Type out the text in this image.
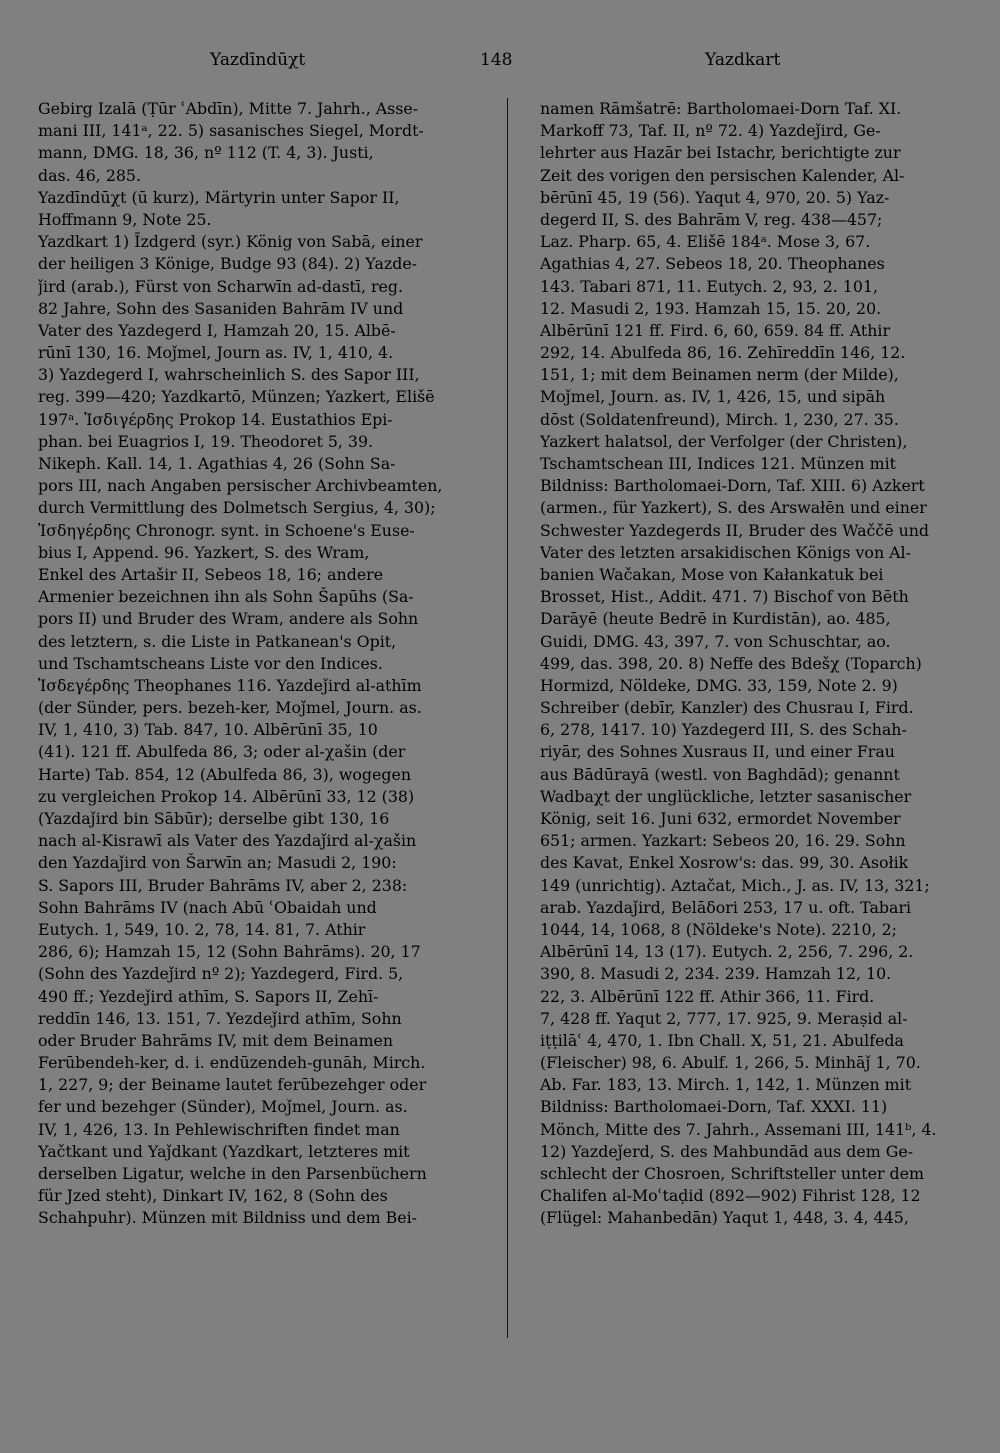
Yazdīndūχt	148	Yazdkart
Gebirg Izalā (Ṭūr ʿAbdīn), Mitte 7. Jahrh., Asse-
mani III, 141ᵃ, 22. 5) sasanisches Siegel, Mordt-
mann, DMG. 18, 36, nº 112 (T. 4, 3). Justi,
das. 46, 285.
Yazdīndūχt (ū kurz), Märtyrin unter Sapor II,
Hoffmann 9, Note 25.
Yazdkart 1) Īzdgerd (syr.) König von Sabā, einer
der heiligen 3 Könige, Budge 93 (84). 2) Yazde-
ǰird (arab.), Fürst von Scharwīn ad-dastī, reg.
82 Jahre, Sohn des Sasaniden Bahrām IV und
Vater des Yazdegerd I, Hamzah 20, 15. Albē-
rūnī 130, 16. Moǰmel, Journ as. IV, 1, 410, 4.
3) Yazdegerd I, wahrscheinlich S. des Sapor III,
reg. 399—420; Yazdkartō, Münzen; Yazkert, Elišē
197ᵃ. Ἰσδιγέρδης Prokop 14. Eustathios Epi-
phan. bei Euagrios I, 19. Theodoret 5, 39.
Nikeph. Kall. 14, 1. Agathias 4, 26 (Sohn Sa-
pors III, nach Angaben persischer Archivbeamten,
durch Vermittlung des Dolmetsch Sergius, 4, 30);
Ἰσδηγέρδης Chronogr. synt. in Schoene's Euse-
bius I, Append. 96. Yazkert, S. des Wram,
Enkel des Artašir II, Sebeos 18, 16; andere
Armenier bezeichnen ihn als Sohn Šapūhs (Sa-
pors II) und Bruder des Wram, andere als Sohn
des letztern, s. die Liste in Patkanean's Opit,
und Tschamtscheans Liste vor den Indices.
Ἰσδεγέρδης Theophanes 116. Yazdeǰird al-athīm
(der Sünder, pers. bezeh-ker, Moǰmel, Journ. as.
IV, 1, 410, 3) Tab. 847, 10. Albērūnī 35, 10
(41). 121 ff. Abulfeda 86, 3; oder al-χašin (der
Harte) Tab. 854, 12 (Abulfeda 86, 3), wogegen
zu vergleichen Prokop 14. Albērūnī 33, 12 (38)
(Yazdaǰird bin Sābūr); derselbe gibt 130, 16
nach al-Kisrawī als Vater des Yazdaǰird al-χašin
den Yazdaǰird von Šarwīn an; Masudi 2, 190:
S. Sapors III, Bruder Bahrāms IV, aber 2, 238:
Sohn Bahrāms IV (nach Abū ʿObaidah und
Eutych. 1, 549, 10. 2, 78, 14. 81, 7. Athir
286, 6); Hamzah 15, 12 (Sohn Bahrāms). 20, 17
(Sohn des Yazdeǰird nº 2); Yazdegerd, Fird. 5,
490 ff.; Yezdeǰird athīm, S. Sapors II, Zehī-
reddīn 146, 13. 151, 7. Yezdeǰird athīm, Sohn
oder Bruder Bahrāms IV, mit dem Beinamen
Ferūbendeh-ker, d. i. endūzendeh-gunāh, Mirch.
1, 227, 9; der Beiname lautet ferūbezehger oder
fer und bezehger (Sünder), Moǰmel, Journ. as.
IV, 1, 426, 13. In Pehlewischriften findet man
Yačtkant und Yaǰdkant (Yazdkart, letzteres mit
derselben Ligatur, welche in den Parsenbüchern
für Jzed steht), Dinkart IV, 162, 8 (Sohn des
Schahpuhr). Münzen mit Bildniss und dem Bei-
namen Rāmšatrē: Bartholomaei-Dorn Taf. XI.
Markoff 73, Taf. II, nº 72. 4) Yazdeǰird, Ge-
lehrter aus Hazār bei Istachr, berichtigte zur
Zeit des vorigen den persischen Kalender, Al-
bērūnī 45, 19 (56). Yaqut 4, 970, 20. 5) Yaz-
degerd II, S. des Bahrām V, reg. 438—457;
Laz. Pharp. 65, 4. Elišē 184ᵃ. Mose 3, 67.
Agathias 4, 27. Sebeos 18, 20. Theophanes
143. Tabari 871, 11. Eutych. 2, 93, 2. 101,
12. Masudi 2, 193. Hamzah 15, 15. 20, 20.
Albērūnī 121 ff. Fird. 6, 60, 659. 84 ff. Athir
292, 14. Abulfeda 86, 16. Zehīreddīn 146, 12.
151, 1; mit dem Beinamen nerm (der Milde),
Moǰmel, Journ. as. IV, 1, 426, 15, und sipāh
dōst (Soldatenfreund), Mirch. 1, 230, 27. 35.
Yazkert halatsol, der Verfolger (der Christen),
Tschamtschean III, Indices 121. Münzen mit
Bildniss: Bartholomaei-Dorn, Taf. XIII. 6) Azkert
(armen., für Yazkert), S. des Arswałēn und einer
Schwester Yazdegerds II, Bruder des Waččē und
Vater des letzten arsakidischen Königs von Al-
banien Wačakan, Mose von Kałankatuk bei
Brosset, Hist., Addit. 471. 7) Bischof von Bēth
Darāyē (heute Bedrē in Kurdistān), ao. 485,
Guidi, DMG. 43, 397, 7. von Schuschtar, ao.
499, das. 398, 20. 8) Neffe des Bdešχ (Toparch)
Hormizd, Nöldeke, DMG. 33, 159, Note 2. 9)
Schreiber (debīr, Kanzler) des Chusrau I, Fird.
6, 278, 1417. 10) Yazdegerd III, S. des Schah-
riyār, des Sohnes Xusraus II, und einer Frau
aus Bādūrayā (westl. von Baghdād); genannt
Wadbaχt der unglückliche, letzter sasanischer
König, seit 16. Juni 632, ermordet November
651; armen. Yazkart: Sebeos 20, 16. 29. Sohn
des Kavat, Enkel Xosrow's: das. 99, 30. Asołik
149 (unrichtig). Aztačat, Mich., J. as. IV, 13, 321;
arab. Yazdaǰird, Belāδori 253, 17 u. oft. Tabari
1044, 14, 1068, 8 (Nöldeke's Note). 2210, 2;
Albērūnī 14, 13 (17). Eutych. 2, 256, 7. 296, 2.
390, 8. Masudi 2, 234. 239. Hamzah 12, 10.
22, 3. Albērūnī 122 ff. Athir 366, 11. Fird.
7, 428 ff. Yaqut 2, 777, 17. 925, 9. Meraṣid al-
iṭṭilāʿ 4, 470, 1. Ibn Chall. X, 51, 21. Abulfeda
(Fleischer) 98, 6. Abulf. 1, 266, 5. Minhāǰ 1, 70.
Ab. Far. 183, 13. Mirch. 1, 142, 1. Münzen mit
Bildniss: Bartholomaei-Dorn, Taf. XXXI. 11)
Mönch, Mitte des 7. Jahrh., Assemani III, 141ᵇ, 4.
12) Yazdeǰerd, S. des Mahbundād aus dem Ge-
schlecht der Chosroen, Schriftsteller unter dem
Chalifen al-Moʿtaḍid (892—902) Fihrist 128, 12
(Flügel: Mahanbedān) Yaqut 1, 448, 3. 4, 445,
